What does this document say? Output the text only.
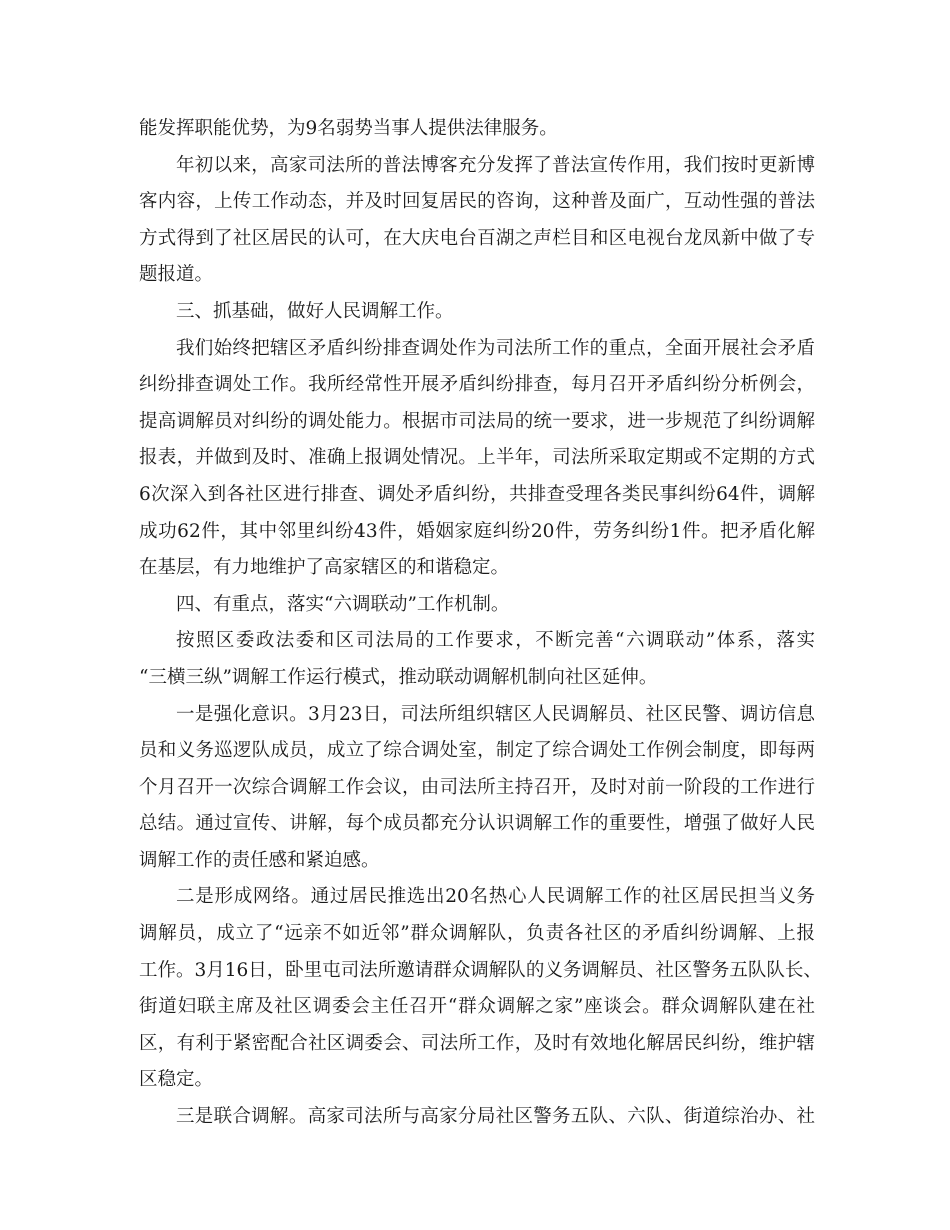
能发挥职能优势，为9名弱势当事人提供法律服务。
年初以来，高家司法所的普法博客充分发挥了普法宣传作用，我们按时更新博
客内容，上传工作动态，并及时回复居民的咨询，这种普及面广，互动性强的普法
方式得到了社区居民的认可，在大庆电台百湖之声栏目和区电视台龙凤新中做了专
题报道。
三、抓基础，做好人民调解工作。
我们始终把辖区矛盾纠纷排查调处作为司法所工作的重点，全面开展社会矛盾
纠纷排查调处工作。我所经常性开展矛盾纠纷排查，每月召开矛盾纠纷分析例会，
提高调解员对纠纷的调处能力。根据市司法局的统一要求，进一步规范了纠纷调解
报表，并做到及时、准确上报调处情况。上半年，司法所采取定期或不定期的方式
6次深入到各社区进行排查、调处矛盾纠纷，共排查受理各类民事纠纷64件，调解
成功62件，其中邻里纠纷43件，婚姻家庭纠纷20件，劳务纠纷1件。把矛盾化解
在基层，有力地维护了高家辖区的和谐稳定。
四、有重点，落实“六调联动”工作机制。
按照区委政法委和区司法局的工作要求，不断完善“六调联动”体系，落实
“三横三纵”调解工作运行模式，推动联动调解机制向社区延伸。
一是强化意识。3月23日，司法所组织辖区人民调解员、社区民警、调访信息
员和义务巡逻队成员，成立了综合调处室，制定了综合调处工作例会制度，即每两
个月召开一次综合调解工作会议，由司法所主持召开，及时对前一阶段的工作进行
总结。通过宣传、讲解，每个成员都充分认识调解工作的重要性，增强了做好人民
调解工作的责任感和紧迫感。
二是形成网络。通过居民推选出20名热心人民调解工作的社区居民担当义务
调解员，成立了“远亲不如近邻”群众调解队，负责各社区的矛盾纠纷调解、上报
工作。3月16日，卧里屯司法所邀请群众调解队的义务调解员、社区警务五队队长、
街道妇联主席及社区调委会主任召开“群众调解之家”座谈会。群众调解队建在社
区，有利于紧密配合社区调委会、司法所工作，及时有效地化解居民纠纷，维护辖
区稳定。
三是联合调解。高家司法所与高家分局社区警务五队、六队、街道综治办、社
